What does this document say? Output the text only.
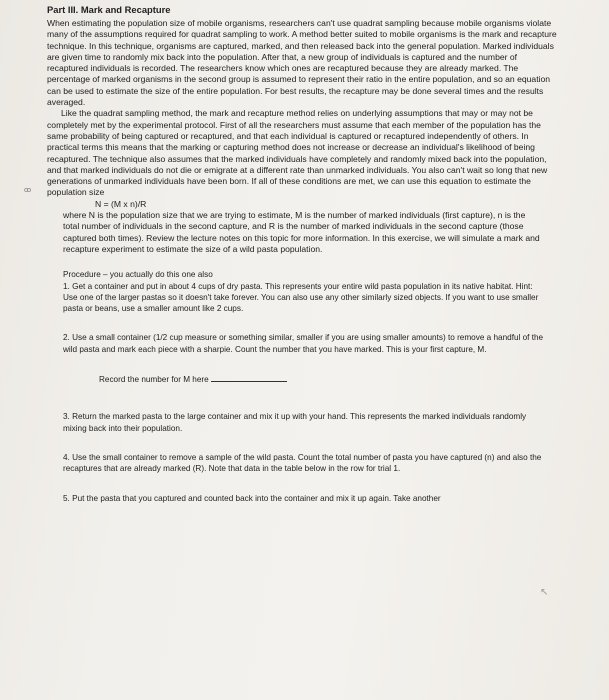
ꝏ
Part III. Mark and Recapture

When estimating the population size of mobile organisms, researchers can't use quadrat sampling because mobile organisms violate many of the assumptions required for quadrat sampling to work. A method better suited to mobile organisms is the mark and recapture technique. In this technique, organisms are captured, marked, and then released back into the general population. Marked individuals are given time to randomly mix back into the population. After that, a new group of individuals is captured and the number of recaptured individuals is recorded. The researchers know which ones are recaptured because they are already marked. The percentage of marked organisms in the second group is assumed to represent their ratio in the entire population, and so an equation can be used to estimate the size of the entire population. For best results, the recapture may be done several times and the results averaged.

Like the quadrat sampling method, the mark and recapture method relies on underlying assumptions that may or may not be completely met by the experimental protocol. First of all the researchers must assume that each member of the population has the same probability of being captured or recaptured, and that each individual is captured or recaptured independently of others. In practical terms this means that the marking or capturing method does not increase or decrease an individual's likelihood of being recaptured. The technique also assumes that the marked individuals have completely and randomly mixed back into the population, and that marked individuals do not die or emigrate at a different rate than unmarked individuals. You also can't wait so long that new generations of unmarked individuals have been born. If all of these conditions are met, we can use this equation to estimate the population size

N = (M x n)/R

where N is the population size that we are trying to estimate, M is the number of marked individuals (first capture), n is the total number of individuals in the second capture, and R is the number of marked individuals in the second capture (those captured both times). Review the lecture notes on this topic for more information. In this exercise, we will simulate a mark and recapture experiment to estimate the size of a wild pasta population.

Procedure – you actually do this one also

1. Get a container and put in about 4 cups of dry pasta. This represents your entire wild pasta population in its native habitat. Hint: Use one of the larger pastas so it doesn't take forever. You can also use any other similarly sized objects. If you want to use smaller pasta or beans, use a smaller amount like 2 cups.

2. Use a small container (1/2 cup measure or something similar, smaller if you are using smaller amounts) to remove a handful of the wild pasta and mark each piece with a sharpie. Count the number that you have marked. This is your first capture, M.

Record the number for M here

3. Return the marked pasta to the large container and mix it up with your hand. This represents the marked individuals randomly mixing back into their population.

4. Use the small container to remove a sample of the wild pasta. Count the total number of pasta you have captured (n) and also the recaptures that are already marked (R). Note that data in the table below in the row for trial 1.

5. Put the pasta that you captured and counted back into the container and mix it up again. Take another

↖
